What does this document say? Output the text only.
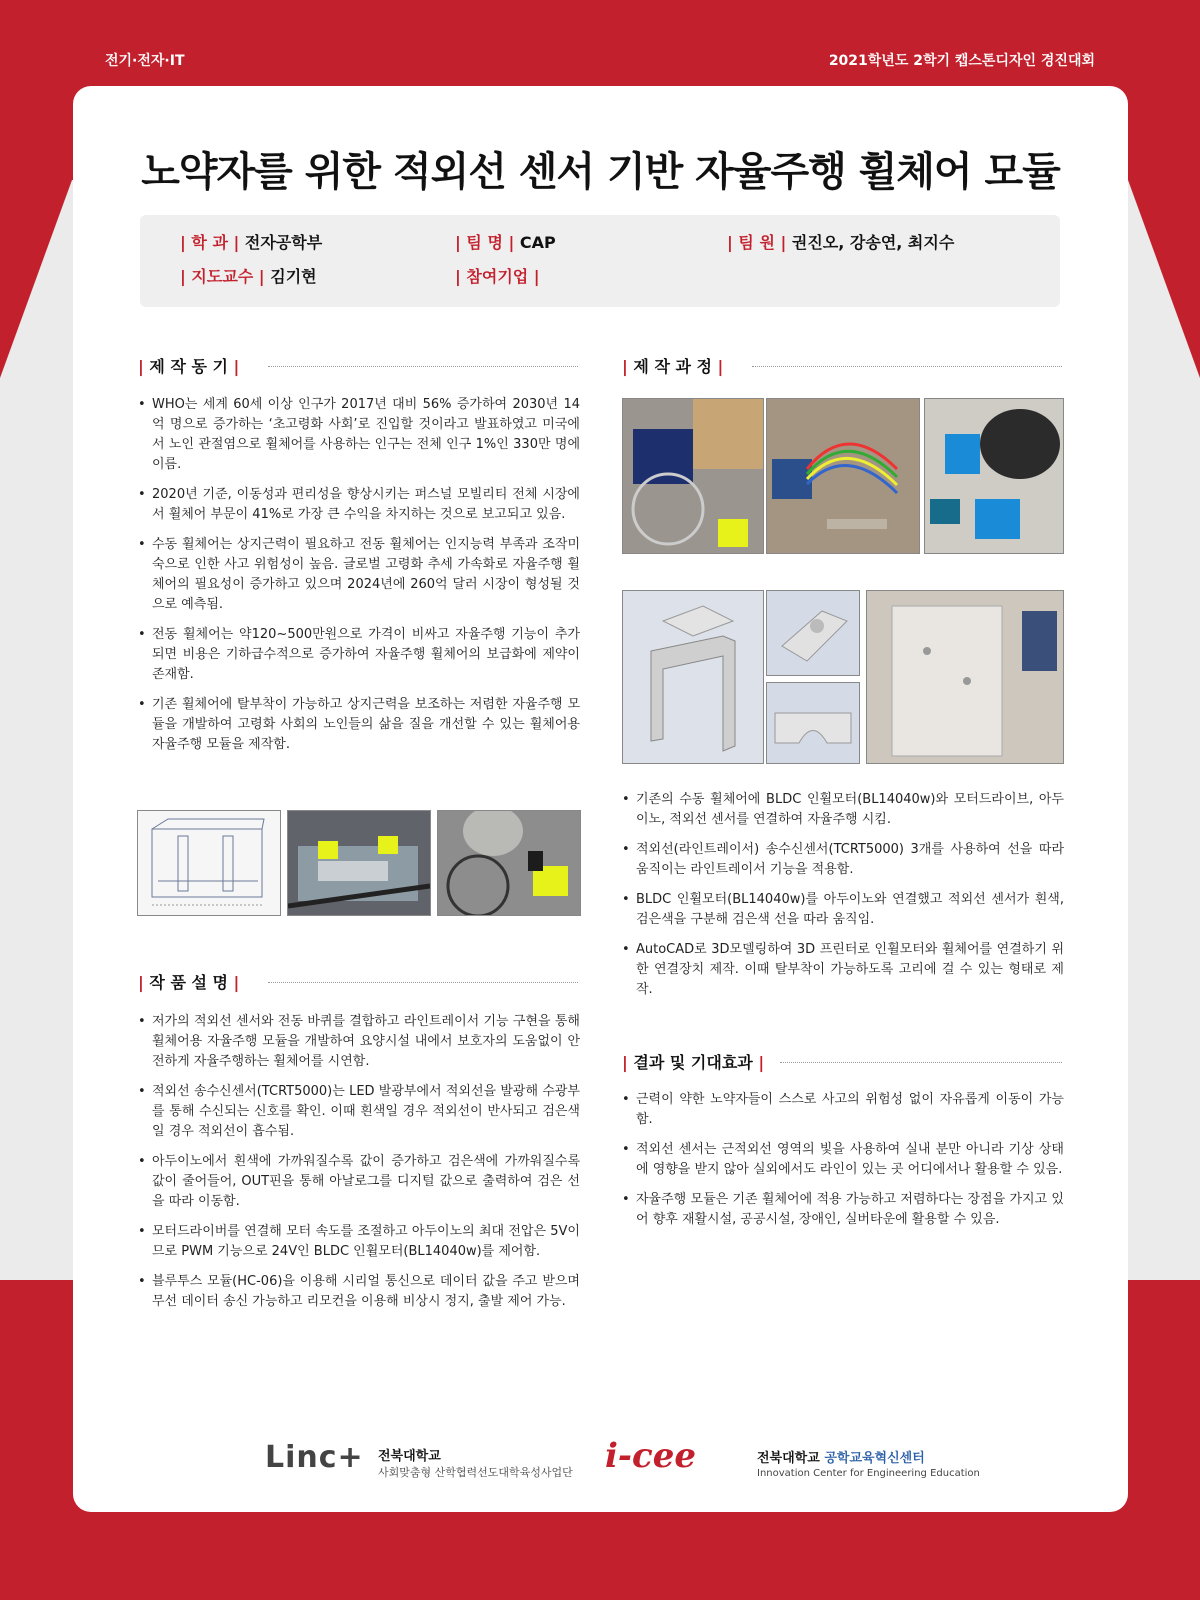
전기·전자·IT	2021학년도 2학기 캡스톤디자인 경진대회
노약자를 위한 적외선 센서 기반 자율주행 휠체어 모듈
| 학 과 | 전자공학부	| 팀 명 | CAP	| 팀 원 | 권진오, 강송연, 최지수
| 지도교수 | 김기현	| 참여기업 |
| 제 작 동 기 |
• WHO는 세계 60세 이상 인구가 2017년 대비 56% 증가하여 2030년 14억 명으로 증가하는 ‘초고령화 사회’로 진입할 것이라고 발표하였고 미국에서 노인 관절염으로 휠체어를 사용하는 인구는 전체 인구 1%인 330만 명에 이름.
• 2020년 기준, 이동성과 편리성을 향상시키는 퍼스널 모빌리티 전체 시장에서 휠체어 부문이 41%로 가장 큰 수익을 차지하는 것으로 보고되고 있음.
• 수동 휠체어는 상지근력이 필요하고 전동 휠체어는 인지능력 부족과 조작미숙으로 인한 사고 위험성이 높음. 글로벌 고령화 추세 가속화로 자율주행 휠체어의 필요성이 증가하고 있으며 2024년에 260억 달러 시장이 형성될 것으로 예측됨.
• 전동 휠체어는 약120~500만원으로 가격이 비싸고 자율주행 기능이 추가되면 비용은 기하급수적으로 증가하여 자율주행 휠체어의 보급화에 제약이 존재함.
• 기존 휠체어에 탈부착이 가능하고 상지근력을 보조하는 저렴한 자율주행 모듈을 개발하여 고령화 사회의 노인들의 삶을 질을 개선할 수 있는 휠체어용 자율주행 모듈을 제작함.
| 작 품 설 명 |
• 저가의 적외선 센서와 전동 바퀴를 결합하고 라인트레이서 기능 구현을 통해 휠체어용 자율주행 모듈을 개발하여 요양시설 내에서 보호자의 도움없이 안전하게 자율주행하는 휠체어를 시연함.
• 적외선 송수신센서(TCRT5000)는 LED 발광부에서 적외선을 발광해 수광부를 통해 수신되는 신호를 확인. 이때 흰색일 경우 적외선이 반사되고 검은색일 경우 적외선이 흡수됨.
• 아두이노에서 흰색에 가까워질수록 값이 증가하고 검은색에 가까워질수록 값이 줄어들어, OUT핀을 통해 아날로그를 디지털 값으로 출력하여 검은 선을 따라 이동함.
• 모터드라이버를 연결해 모터 속도를 조절하고 아두이노의 최대 전압은 5V이므로 PWM 기능으로 24V인 BLDC 인휠모터(BL14040w)를 제어함.
• 블루투스 모듈(HC-06)을 이용해 시리얼 통신으로 데이터 값을 주고 받으며 무선 데이터 송신 가능하고 리모컨을 이용해 비상시 정지, 출발 제어 가능.
| 제 작 과 정 |
• 기존의 수동 휠체어에 BLDC 인휠모터(BL14040w)와 모터드라이브, 아두이노, 적외선 센서를 연결하여 자율주행 시킴.
• 적외선(라인트레이서) 송수신센서(TCRT5000) 3개를 사용하여 선을 따라 움직이는 라인트레이서 기능을 적용함.
• BLDC 인휠모터(BL14040w)를 아두이노와 연결했고 적외선 센서가 흰색, 검은색을 구분해 검은색 선을 따라 움직임.
• AutoCAD로 3D모델링하여 3D 프린터로 인휠모터와 휠체어를 연결하기 위한 연결장치 제작. 이때 탈부착이 가능하도록 고리에 걸 수 있는 형태로 제작.
| 결과 및 기대효과 |
• 근력이 약한 노약자들이 스스로 사고의 위험성 없이 자유롭게 이동이 가능함.
• 적외선 센서는 근적외선 영역의 빛을 사용하여 실내 분만 아니라 기상 상태에 영향을 받지 않아 실외에서도 라인이 있는 곳 어디에서나 활용할 수 있음.
• 자율주행 모듈은 기존 휠체어에 적용 가능하고 저렴하다는 장점을 가지고 있어 향후 재활시설, 공공시설, 장애인, 실버타운에 활용할 수 있음.
Linc+ 전북대학교
사회맞춤형 산학협력선도대학육성사업단 i-cee	전북대학교 공학교육혁신센터
Innovation Center for Engineering Education
